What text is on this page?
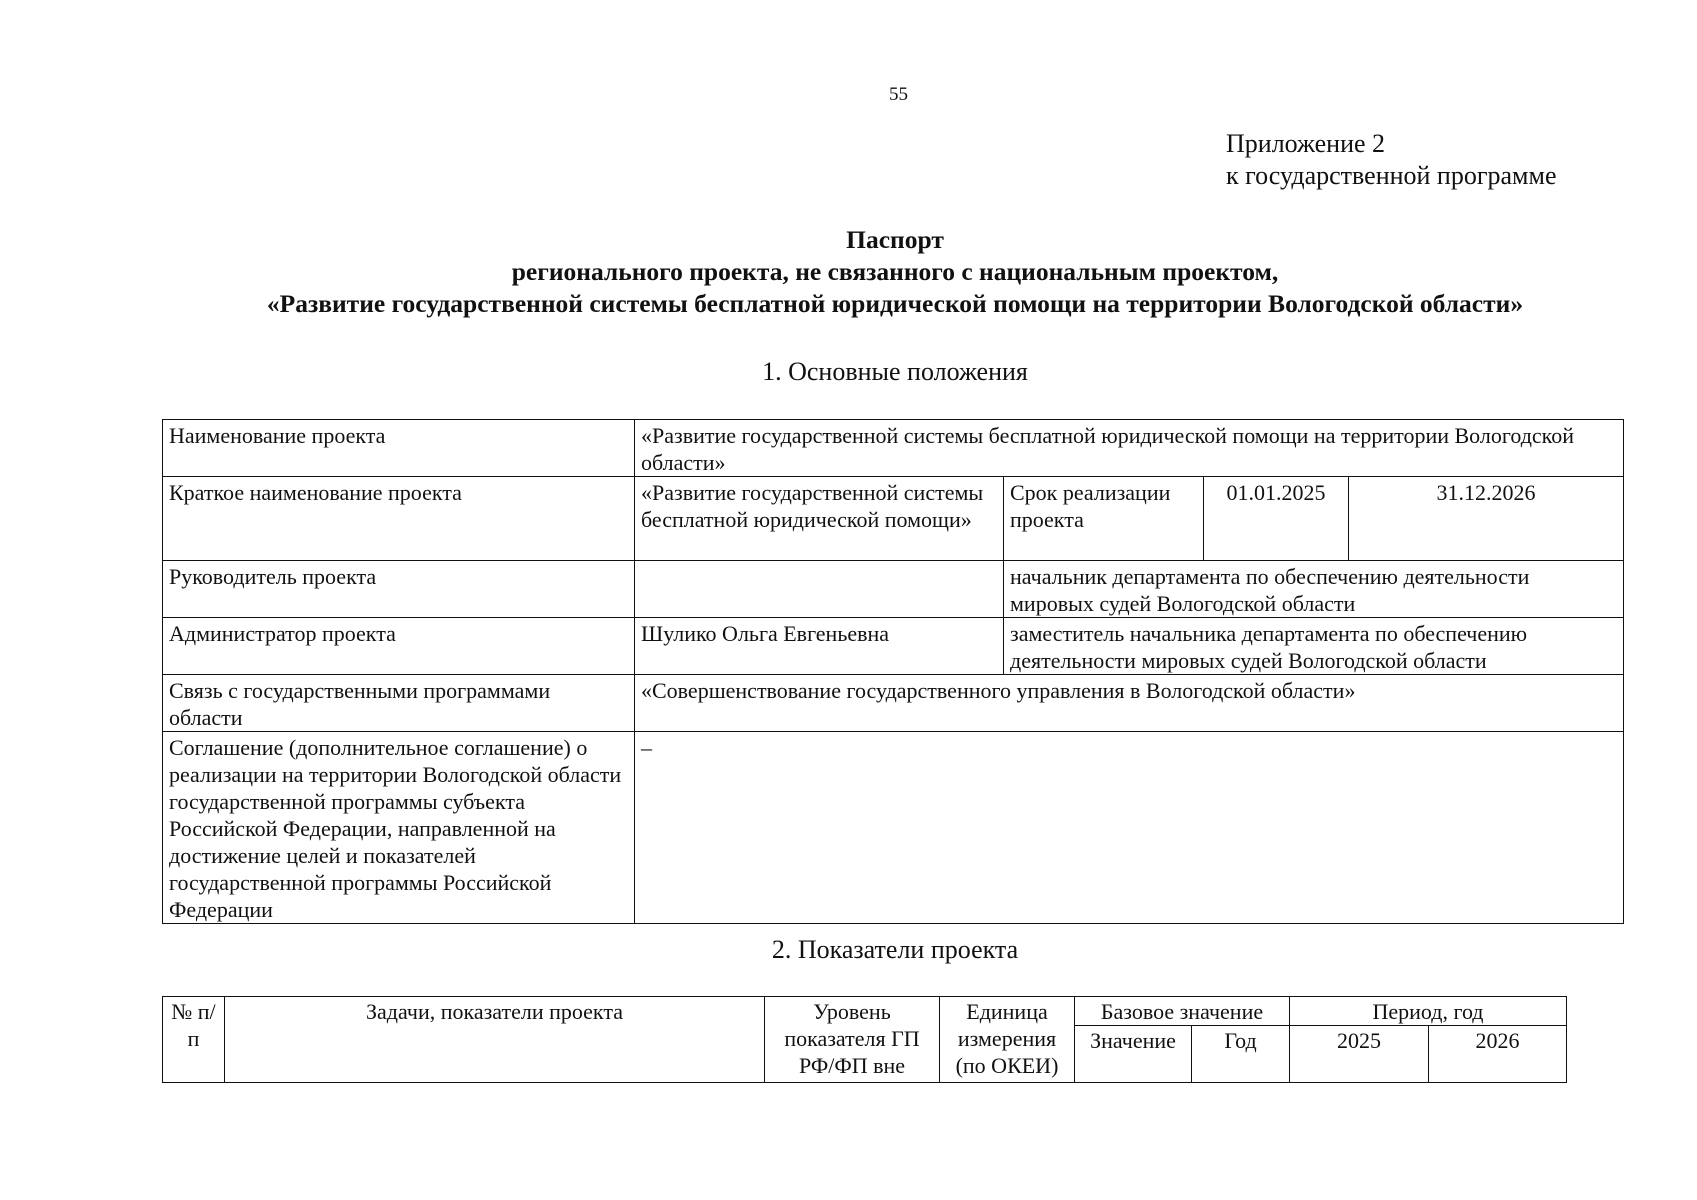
55
Приложение 2
к государственной программе
Паспорт
регионального проекта, не связанного с национальным проектом,
«Развитие государственной системы бесплатной юридической помощи на территории Вологодской области»
1. Основные положения
Наименование проекта	«Развитие государственной системы бесплатной юридической помощи на территории Вологодской области»			
Краткое наименование проекта	«Развитие государственной системы бесплатной юридической помощи»	Срок реализации проекта	01.01.2025	31.12.2026
Руководитель проекта		начальник департамента по обеспечению деятельности мировых судей Вологодской области		
Администратор проекта	Шулико Ольга Евгеньевна	заместитель начальника департамента по обеспечению деятельности мировых судей Вологодской области		
Связь с государственными программами области	«Совершенствование государственного управления в Вологодской области»			
Соглашение (дополнительное соглашение) о реализации на территории Вологодской области государственной программы субъекта Российской Федерации, направленной на достижение целей и показателей государственной программы Российской Федерации	–			
2. Показатели проекта
№ п/п	Задачи, показатели проекта	Уровень показателя ГП РФ/ФП вне	Единица измерения (по ОКЕИ)	Базовое значение		Период, год	
				Значение	Год	2025	2026
